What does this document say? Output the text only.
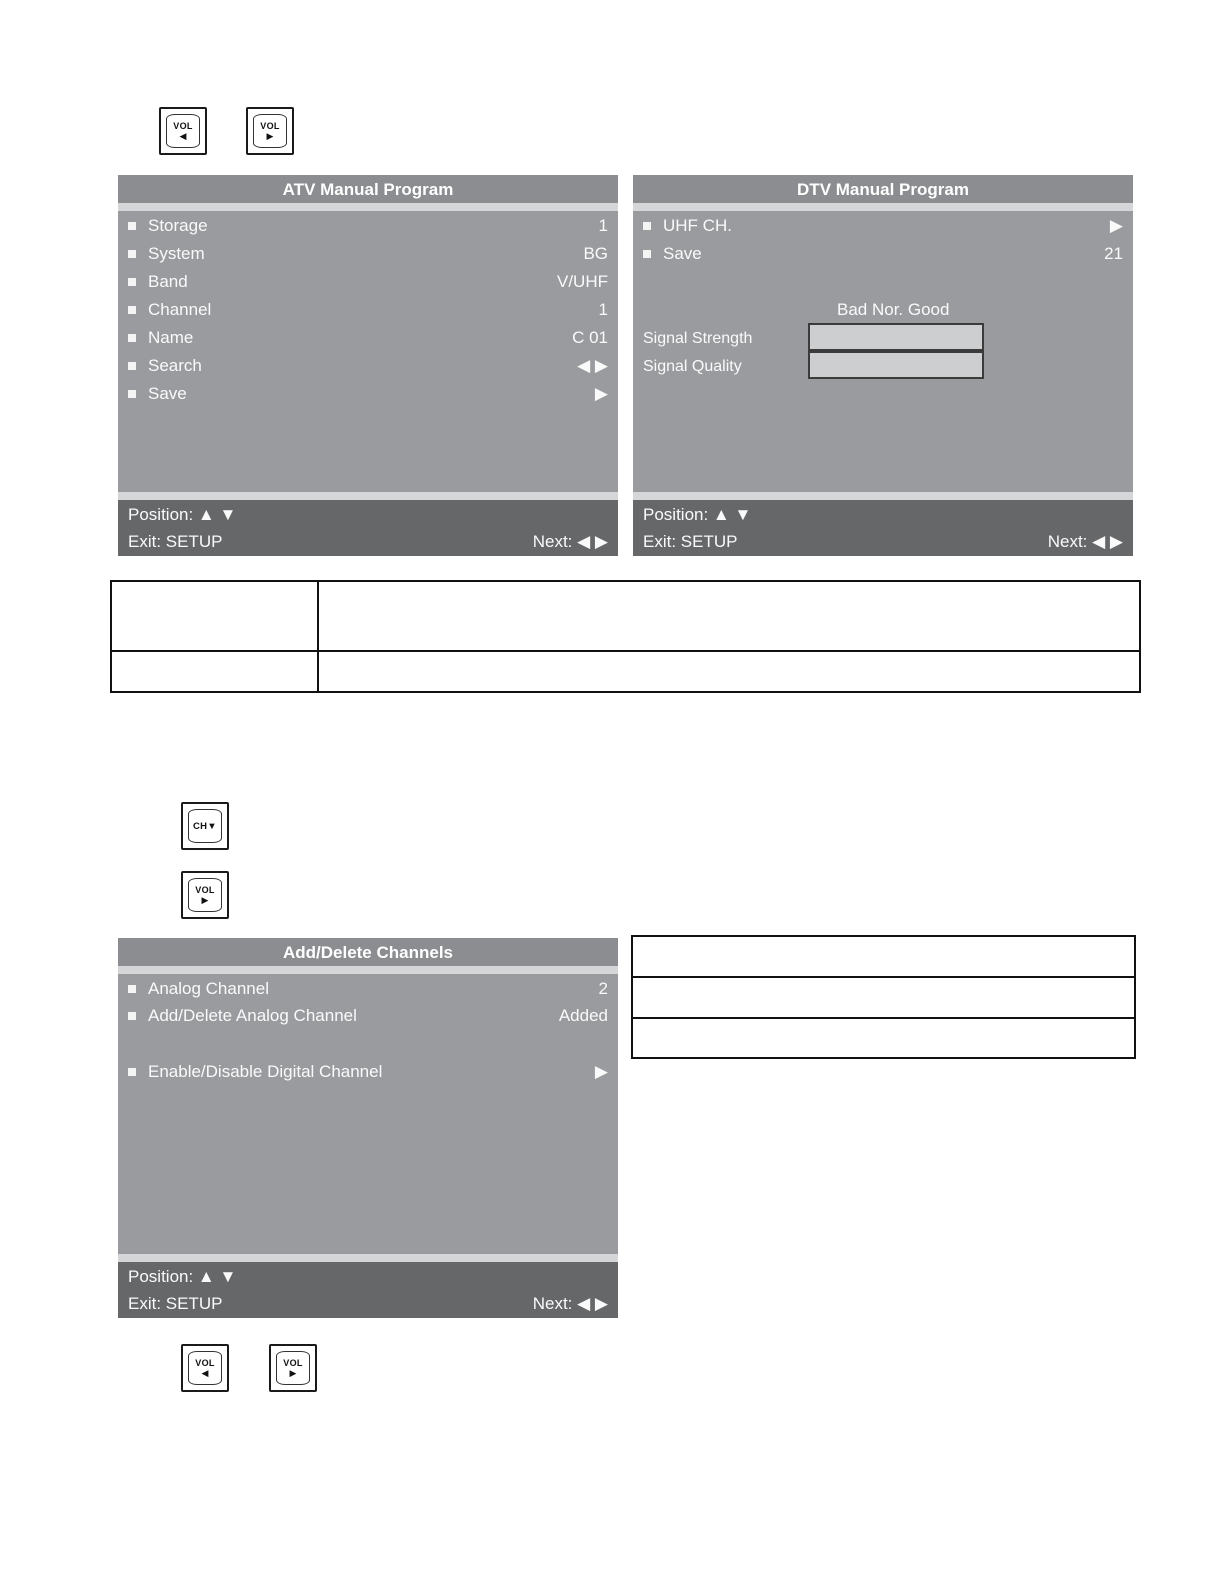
VOL
◀
VOL
▶
ATV Manual Program
Storage	1
System	BG
Band	V/UHF
Channel	1
Name	C 01
Search	◀ ▶
Save	▶
Position: ▲ ▼
Exit: SETUP	Next: ◀ ▶
DTV Manual Program
UHF CH.	▶
Save	21
Bad Nor. Good
Signal Strength
Signal Quality
Position: ▲ ▼
Exit: SETUP	Next: ◀ ▶

CH▼
VOL
▶
Add/Delete Channels
Analog Channel	2
Add/Delete Analog Channel	Added
Enable/Disable Digital Channel	▶
Position: ▲ ▼
Exit: SETUP	Next: ◀ ▶

VOL
◀
VOL
▶
